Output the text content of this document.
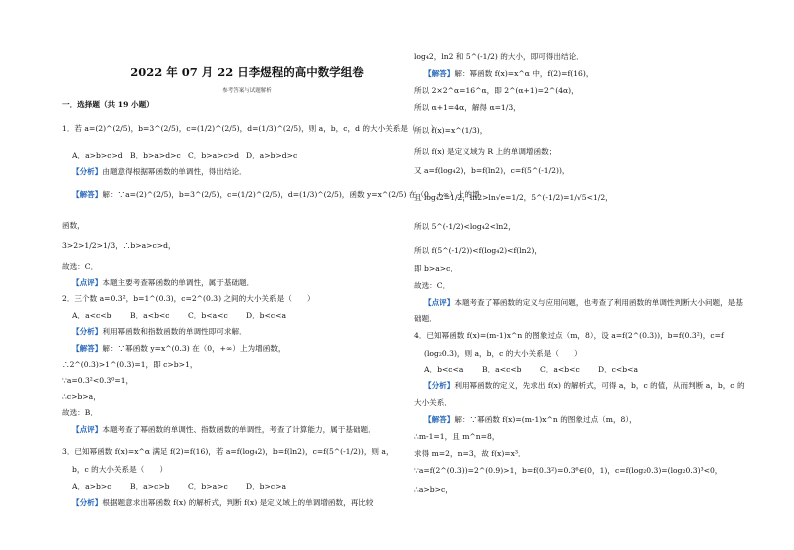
2022 年 07 月 22 日李煜程的高中数学组卷
参考答案与试题解析
一．选择题（共 19 小题）
1．若 a=(2)^(2/5)，b=3^(2/5)，c=(1/2)^(2/5)，d=(1/3)^(2/5)，则 a，b，c，d 的大小关系是（　　）
A．a>b>c>d B．b>a>d>c C．b>a>c>d D．a>b>d>c
【分析】由题意得根据幂函数的单调性，得出结论．
【解答】解：∵a=(2)^(2/5)，b=3^(2/5)，c=(1/2)^(2/5)，d=(1/3)^(2/5)，函数 y=x^(2/5) 在（0，+∞）上的增
函数，
3>2>1/2>1/3，∴b>a>c>d，
故选：C．
【点评】本题主要考查幂函数的单调性，属于基础题．
2．三个数 a=0.3²，b=1^(0.3)，c=2^(0.3) 之间的大小关系是（　　）
A．a<c<b B．a<b<c C．b<a<c D．b<c<a
【分析】利用幂函数和指数函数的单调性即可求解．
【解答】解：∵幂函数 y=x^(0.3) 在（0，+∞）上为增函数，
∴2^(0.3)>1^(0.3)=1，即 c>b>1，
∵a=0.3²<0.3⁰=1，
∴c>b>a，
故选：B．
【点评】本题考查了幂函数的单调性、指数函数的单调性，考查了计算能力，属于基础题．
3．已知幂函数 f(x)=x^α 满足 f(2)=f(16)，若 a=f(log₄2)，b=f(ln2)，c=f(5^(-1/2))，则 a，
b，c 的大小关系是（　　）
A．a>b>c B．a>c>b C．b>a>c D．b>c>a
【分析】根据题意求出幂函数 f(x) 的解析式，判断 f(x) 是定义域上的单调增函数，再比较
log₄2，ln2 和 5^(-1/2) 的大小，即可得出结论．
【解答】解：幂函数 f(x)=x^α 中，f(2)=f(16)，
所以 2×2^α=16^α，即 2^(α+1)=2^(4α)，
所以 α+1=4α，解得 α=1/3，
所以 f(x)=x^(1/3)，
所以 f(x) 是定义域为 R 上的单调增函数；
又 a=f(log₄2)，b=f(ln2)，c=f(5^(-1/2))，
且 log₄2=1/2，ln2>ln√e=1/2，5^(-1/2)=1/√5<1/2，
所以 5^(-1/2)<log₄2<ln2，
所以 f(5^(-1/2))<f(log₄2)<f(ln2)，
即 b>a>c．
故选：C．
【点评】本题考查了幂函数的定义与应用问题，也考查了利用函数的单调性判断大小问题，是基
础题．
4．已知幂函数 f(x)=(m-1)x^n 的图象过点（m，8），设 a=f(2^(0.3))，b=f(0.3²)，c=f
(log₂0.3)，则 a，b，c 的大小关系是（　　）
A．b<c<a B．a<c<b C．a<b<c D．c<b<a
【分析】利用幂函数的定义，先求出 f(x) 的解析式，可得 a，b，c 的值，从而判断 a，b，c 的
大小关系．
【解答】解：∵幂函数 f(x)=(m-1)x^n 的图象过点（m，8），
∴m-1=1，且 m^n=8，
求得 m=2，n=3，故 f(x)=x³．
∵a=f(2^(0.3))=2^(0.9)>1，b=f(0.3²)=0.3⁶∈(0，1)，c=f(log₂0.3)=(log₂0.3)³<0，
∴a>b>c，
